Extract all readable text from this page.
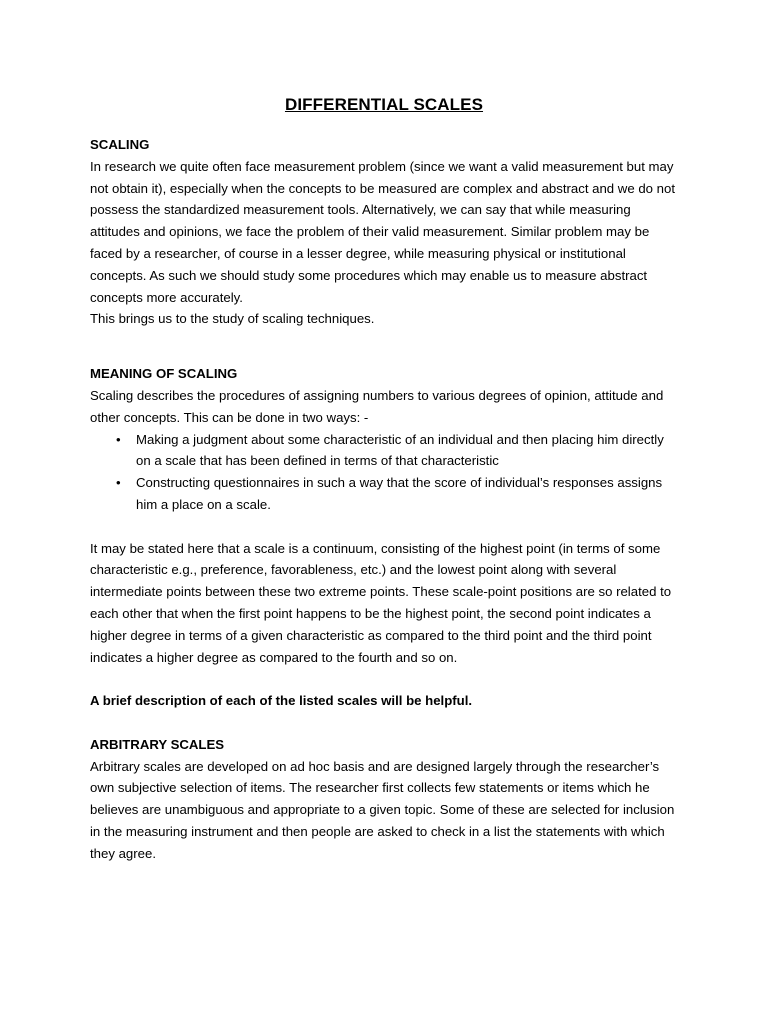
DIFFERENTIAL SCALES

SCALING

In research we quite often face measurement problem (since we want a valid measurement but may not obtain it), especially when the concepts to be measured are complex and abstract and we do not possess the standardized measurement tools. Alternatively, we can say that while measuring attitudes and opinions, we face the problem of their valid measurement. Similar problem may be faced by a researcher, of course in a lesser degree, while measuring physical or institutional concepts. As such we should study some procedures which may enable us to measure abstract concepts more accurately.

This brings us to the study of scaling techniques.

MEANING OF SCALING

Scaling describes the procedures of assigning numbers to various degrees of opinion, attitude and other concepts. This can be done in two ways: -

• Making a judgment about some characteristic of an individual and then placing him directly on a scale that has been defined in terms of that characteristic
• Constructing questionnaires in such a way that the score of individual’s responses assigns him a place on a scale.

It may be stated here that a scale is a continuum, consisting of the highest point (in terms of some characteristic e.g., preference, favorableness, etc.) and the lowest point along with several intermediate points between these two extreme points. These scale-point positions are so related to each other that when the first point happens to be the highest point, the second point indicates a higher degree in terms of a given characteristic as compared to the third point and the third point indicates a higher degree as compared to the fourth and so on.

A brief description of each of the listed scales will be helpful.

ARBITRARY SCALES

Arbitrary scales are developed on ad hoc basis and are designed largely through the researcher’s own subjective selection of items. The researcher first collects few statements or items which he believes are unambiguous and appropriate to a given topic. Some of these are selected for inclusion in the measuring instrument and then people are asked to check in a list the statements with which they agree.
